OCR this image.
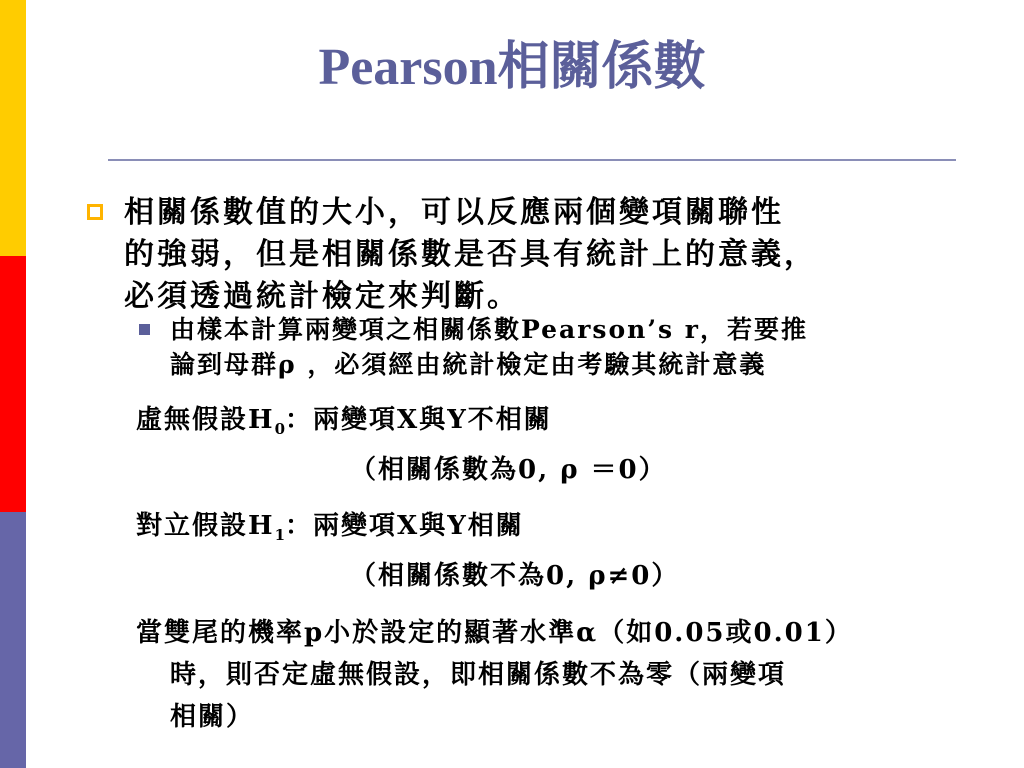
Pearson相關係數
相關係數值的大小，可以反應兩個變項關聯性
的強弱，但是相關係數是否具有統計上的意義，
必須透過統計檢定來判斷。
由樣本計算兩變項之相關係數Pearson’s r，若要推
論到母群ρ ，必須經由統計檢定由考驗其統計意義
虛無假設$H_0$：兩變項X與Y不相關
（相關係數為0, ρ ＝0）
對立假設$H_1$：兩變項X與Y相關
（相關係數不為0, ρ≠0）
當雙尾的機率p小於設定的顯著水準α（如0.05或0.01）
時，則否定虛無假設，即相關係數不為零（兩變項
相關）
